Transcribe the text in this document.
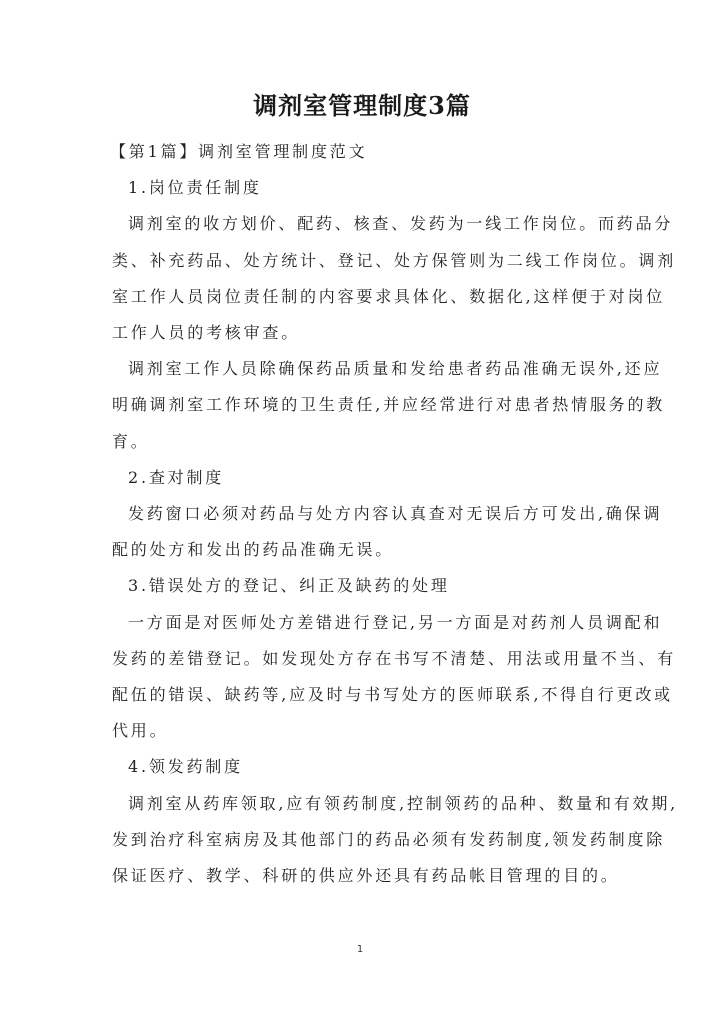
调剂室管理制度3篇
【第1篇】调剂室管理制度范文
1.岗位责任制度
调剂室的收方划价、配药、核查、发药为一线工作岗位。而药品分
类、补充药品、处方统计、登记、处方保管则为二线工作岗位。调剂
室工作人员岗位责任制的内容要求具体化、数据化,这样便于对岗位
工作人员的考核审查。
调剂室工作人员除确保药品质量和发给患者药品准确无误外,还应
明确调剂室工作环境的卫生责任,并应经常进行对患者热情服务的教
育。
2.查对制度
发药窗口必须对药品与处方内容认真查对无误后方可发出,确保调
配的处方和发出的药品准确无误。
3.错误处方的登记、纠正及缺药的处理
一方面是对医师处方差错进行登记,另一方面是对药剂人员调配和
发药的差错登记。如发现处方存在书写不清楚、用法或用量不当、有
配伍的错误、缺药等,应及时与书写处方的医师联系,不得自行更改或
代用。
4.领发药制度
调剂室从药库领取,应有领药制度,控制领药的品种、数量和有效期,
发到治疗科室病房及其他部门的药品必须有发药制度,领发药制度除
保证医疗、教学、科研的供应外还具有药品帐目管理的目的。
1
